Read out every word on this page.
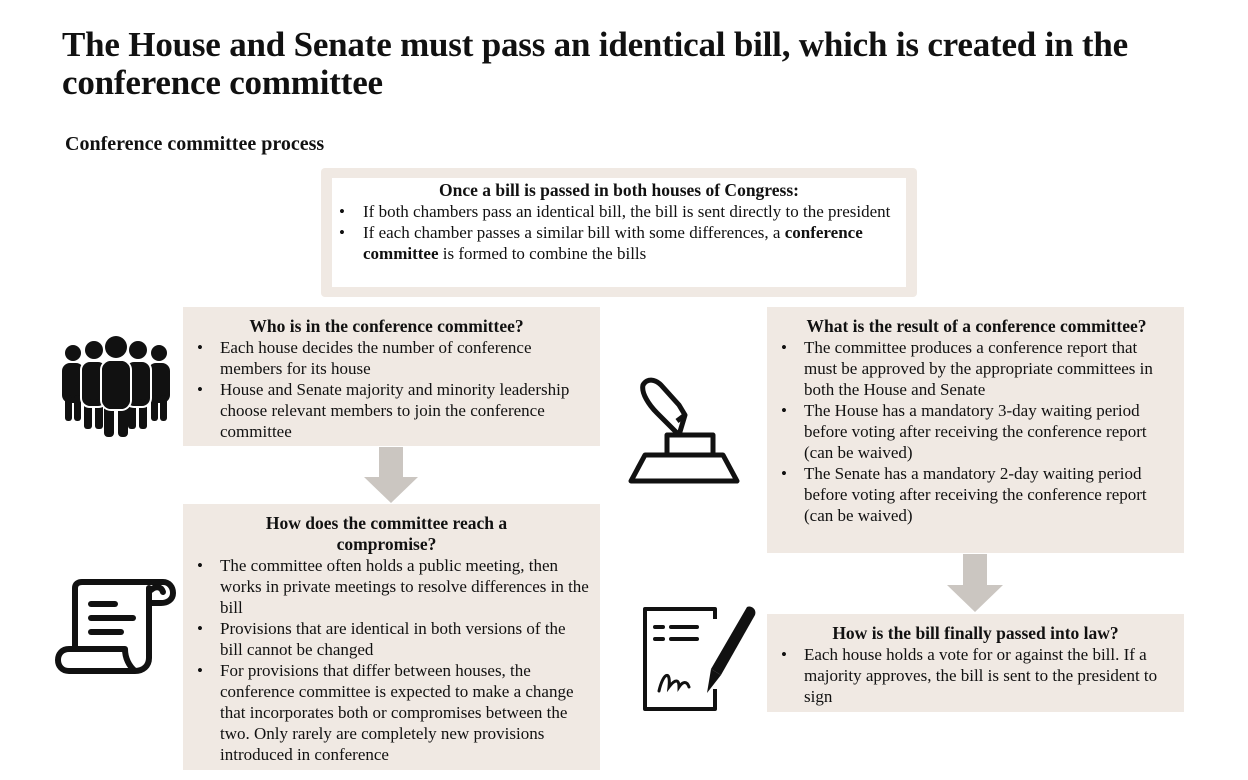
The House and Senate must pass an identical bill, which is created in the conference committee
Conference committee process
Once a bill is passed in both houses of Congress:
• If both chambers pass an identical bill, the bill is sent directly to the president
• If each chamber passes a similar bill with some differences, a conference committee is formed to combine the bills
Who is in the conference committee?
• Each house decides the number of conference members for its house
• House and Senate majority and minority leadership choose relevant members to join the conference committee
How does the committee reach a compromise?
• The committee often holds a public meeting, then works in private meetings to resolve differences in the bill
• Provisions that are identical in both versions of the bill cannot be changed
• For provisions that differ between houses, the conference committee is expected to make a change that incorporates both or compromises between the two. Only rarely are completely new provisions introduced in conference
What is the result of a conference committee?
• The committee produces a conference report that must be approved by the appropriate committees in both the House and Senate
• The House has a mandatory 3-day waiting period before voting after receiving the conference report (can be waived)
• The Senate has a mandatory 2-day waiting period before voting after receiving the conference report (can be waived)
How is the bill finally passed into law?
• Each house holds a vote for or against the bill. If a majority approves, the bill is sent to the president to sign
